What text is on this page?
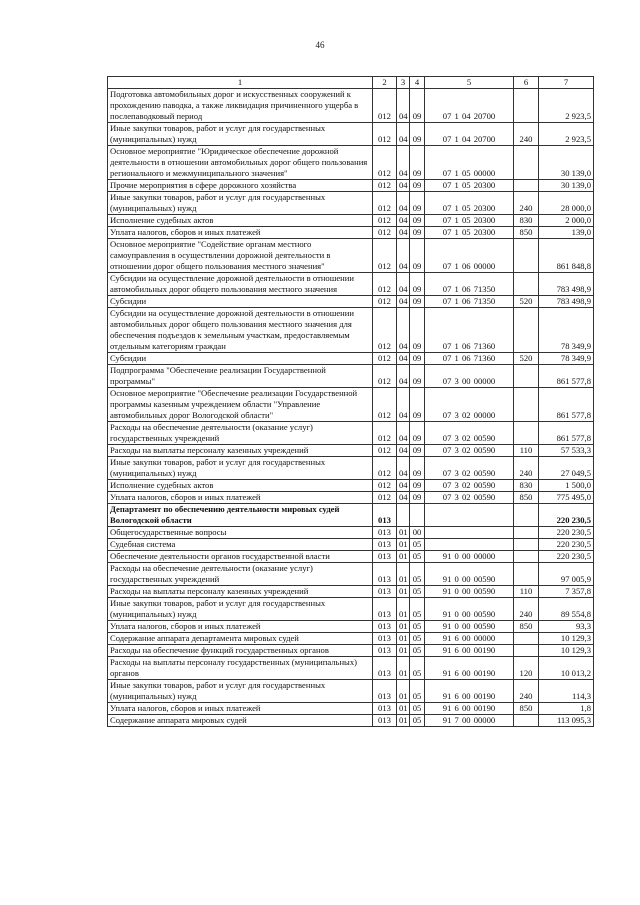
46
1	2	3	4	5	6	7
Подготовка автомобильных дорог и искусственных сооружений к прохождению паводка, а также ликвидация причиненного ущерба в послепаводковый период	012	04	09	07 1 04 20700		2 923,5
Иные закупки товаров, работ и услуг для государственных (муниципальных) нужд	012	04	09	07 1 04 20700	240	2 923,5
Основное мероприятие "Юридическое обеспечение дорожной деятельности в отношении автомобильных дорог общего пользования регионального и межмуниципального значения"	012	04	09	07 1 05 00000		30 139,0
Прочие мероприятия в сфере дорожного хозяйства	012	04	09	07 1 05 20300		30 139,0
Иные закупки товаров, работ и услуг для государственных (муниципальных) нужд	012	04	09	07 1 05 20300	240	28 000,0
Исполнение судебных актов	012	04	09	07 1 05 20300	830	2 000,0
Уплата налогов, сборов и иных платежей	012	04	09	07 1 05 20300	850	139,0
Основное мероприятие "Содействие органам местного самоуправления в осуществлении дорожной деятельности в отношении дорог общего пользования местного значения"	012	04	09	07 1 06 00000		861 848,8
Субсидии на осуществление дорожной деятельности в отношении автомобильных дорог общего пользования местного значения	012	04	09	07 1 06 71350		783 498,9
Субсидии	012	04	09	07 1 06 71350	520	783 498,9
Субсидии на осуществление дорожной деятельности в отношении автомобильных дорог общего пользования местного значения для обеспечения подъездов к земельным участкам, предоставляемым отдельным категориям граждан	012	04	09	07 1 06 71360		78 349,9
Субсидии	012	04	09	07 1 06 71360	520	78 349,9
Подпрограмма "Обеспечение реализации Государственной программы"	012	04	09	07 3 00 00000		861 577,8
Основное мероприятие "Обеспечение реализации Государственной программы казенным учреждением области "Управление автомобильных дорог Вологодской области"	012	04	09	07 3 02 00000		861 577,8
Расходы на обеспечение деятельности (оказание услуг) государственных учреждений	012	04	09	07 3 02 00590		861 577,8
Расходы на выплаты персоналу казенных учреждений	012	04	09	07 3 02 00590	110	57 533,3
Иные закупки товаров, работ и услуг для государственных (муниципальных) нужд	012	04	09	07 3 02 00590	240	27 049,5
Исполнение судебных актов	012	04	09	07 3 02 00590	830	1 500,0
Уплата налогов, сборов и иных платежей	012	04	09	07 3 02 00590	850	775 495,0
Департамент по обеспечению деятельности мировых судей Вологодской области	013					220 230,5
Общегосударственные вопросы	013	01	00			220 230,5
Судебная система	013	01	05			220 230,5
Обеспечение деятельности органов государственной власти	013	01	05	91 0 00 00000		220 230,5
Расходы на обеспечение деятельности (оказание услуг) государственных учреждений	013	01	05	91 0 00 00590		97 005,9
Расходы на выплаты персоналу казенных учреждений	013	01	05	91 0 00 00590	110	7 357,8
Иные закупки товаров, работ и услуг для государственных (муниципальных) нужд	013	01	05	91 0 00 00590	240	89 554,8
Уплата налогов, сборов и иных платежей	013	01	05	91 0 00 00590	850	93,3
Содержание аппарата департамента мировых судей	013	01	05	91 6 00 00000		10 129,3
Расходы на обеспечение функций государственных органов	013	01	05	91 6 00 00190		10 129,3
Расходы на выплаты персоналу государственных (муниципальных) органов	013	01	05	91 6 00 00190	120	10 013,2
Иные закупки товаров, работ и услуг для государственных (муниципальных) нужд	013	01	05	91 6 00 00190	240	114,3
Уплата налогов, сборов и иных платежей	013	01	05	91 6 00 00190	850	1,8
Содержание аппарата мировых судей	013	01	05	91 7 00 00000		113 095,3
